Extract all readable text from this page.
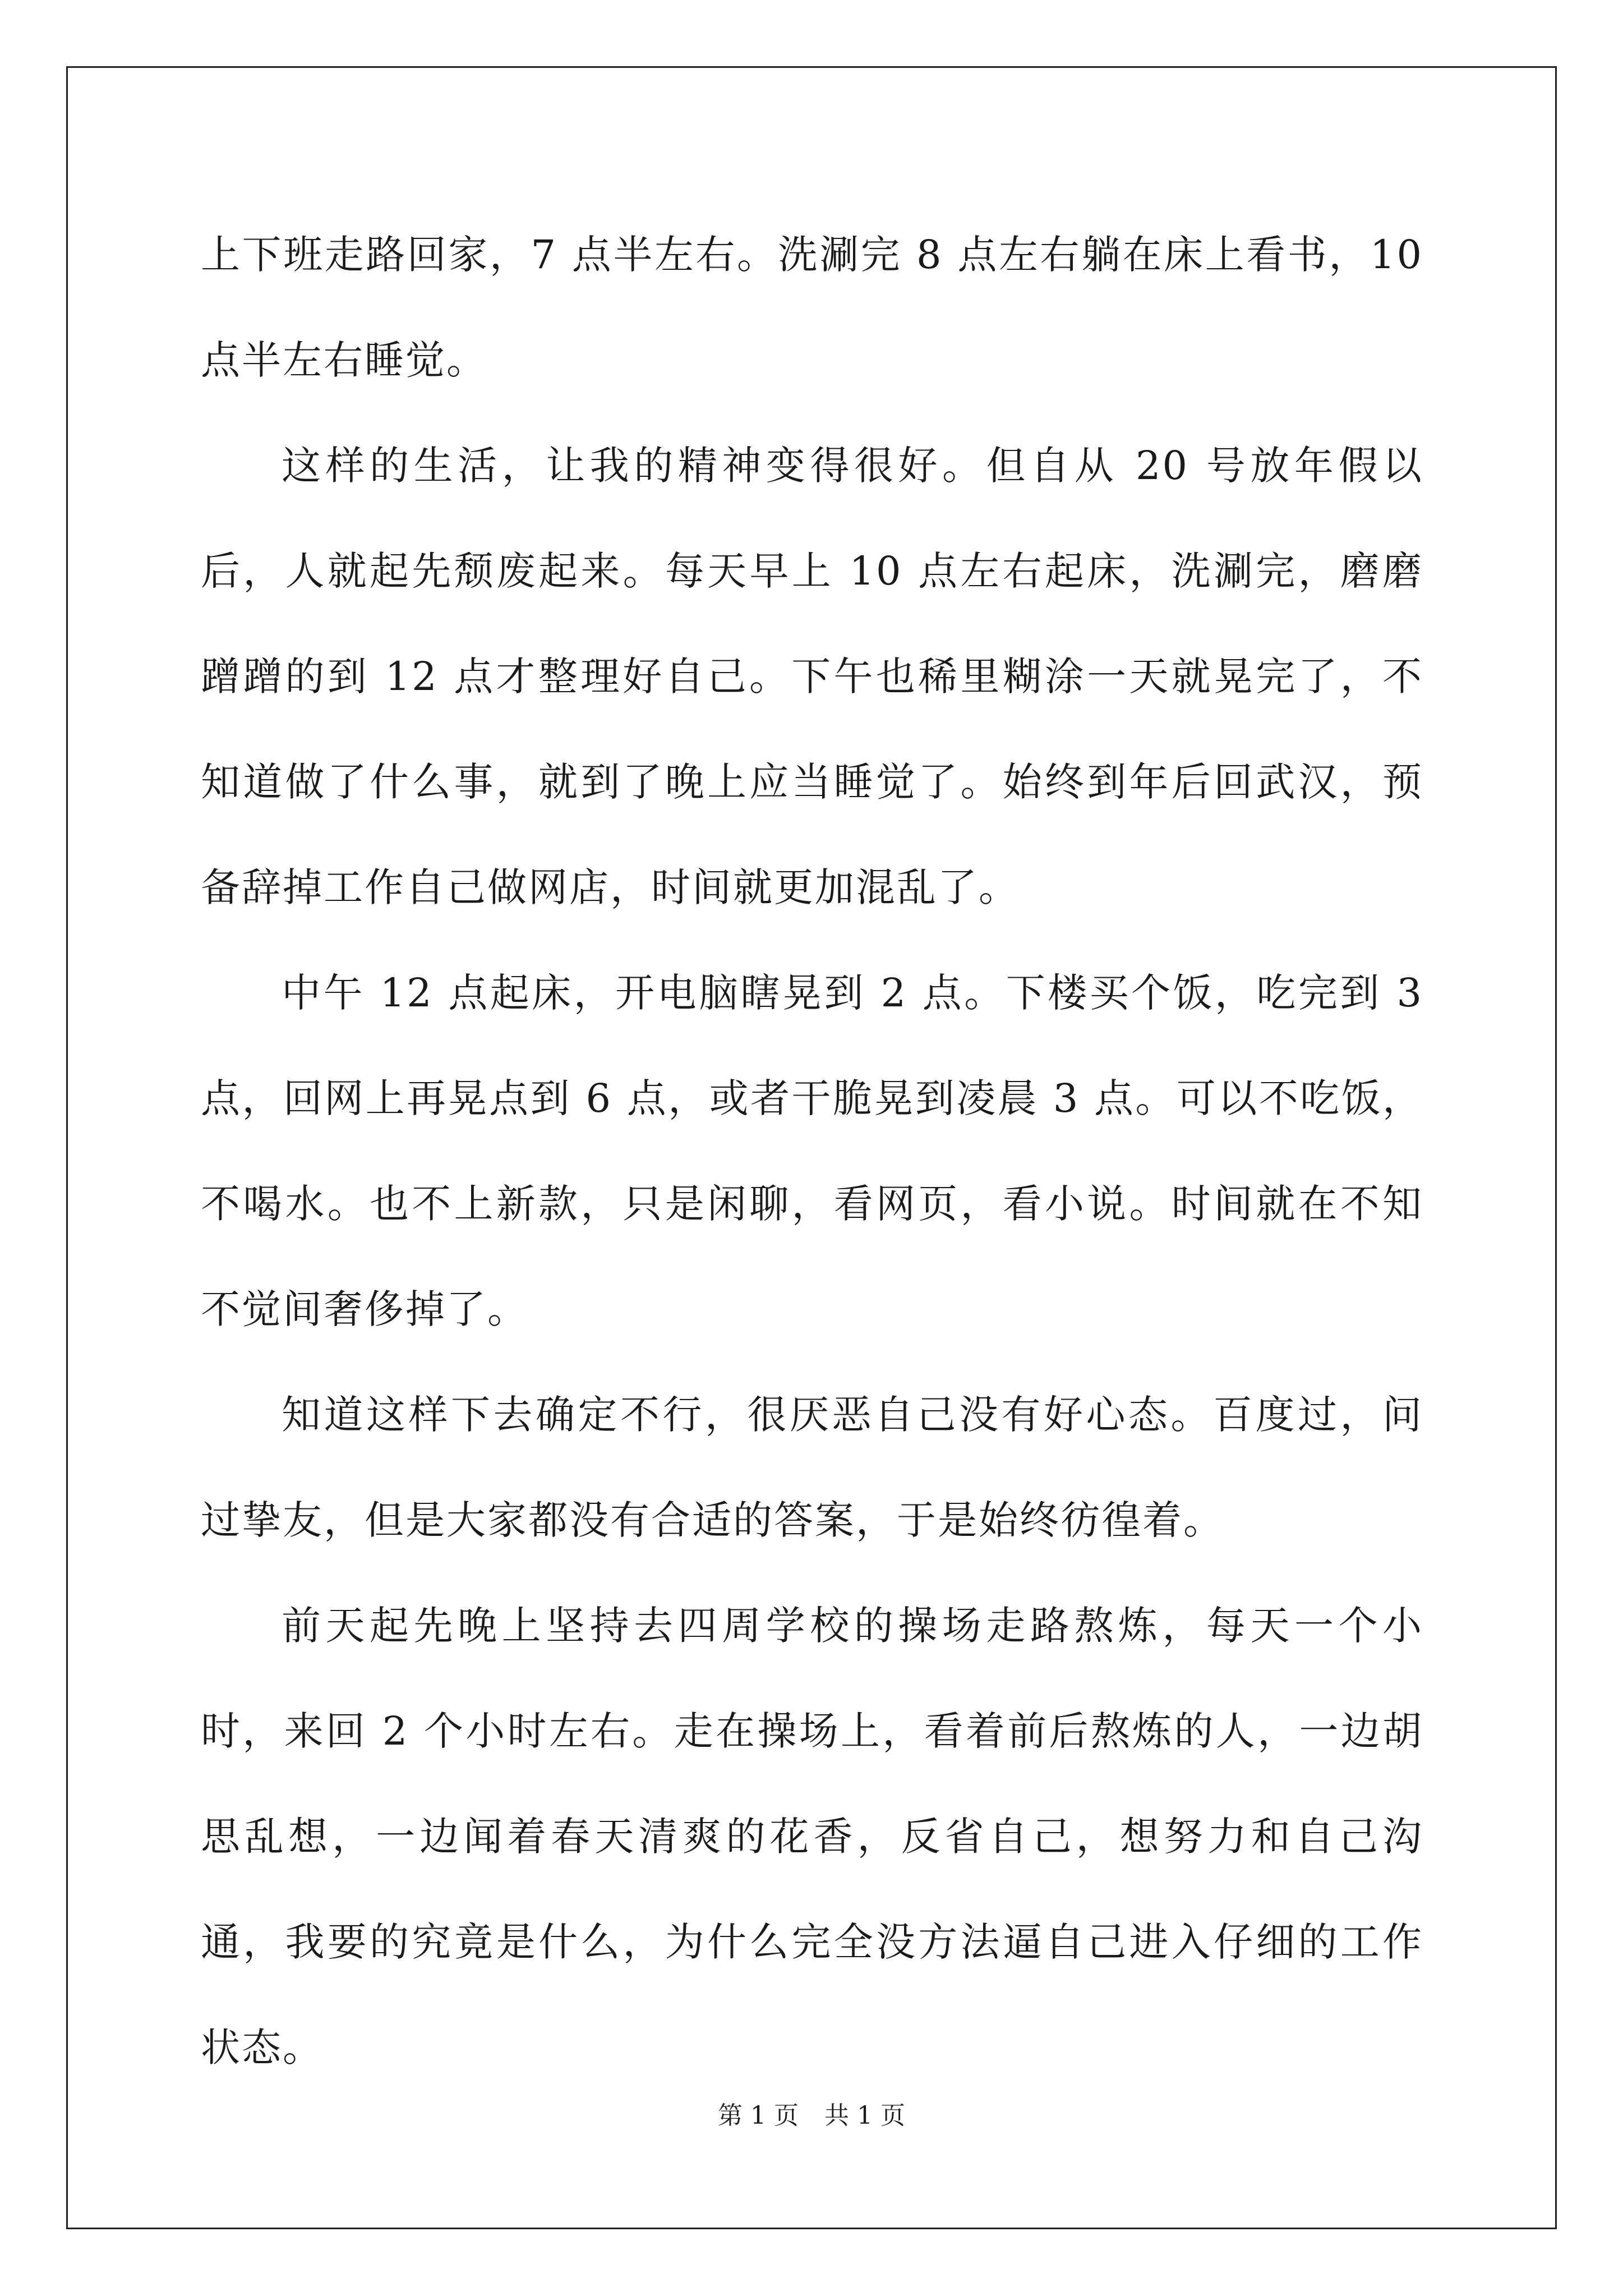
上下班走路回家，7 点半左右。洗涮完 8 点左右躺在床上看书，10 点半左右睡觉。

这样的生活，让我的精神变得很好。但自从 20 号放年假以后，人就起先颓废起来。每天早上 10 点左右起床，洗涮完，磨磨蹭蹭的到 12 点才整理好自己。下午也稀里糊涂一天就晃完了，不知道做了什么事，就到了晚上应当睡觉了。始终到年后回武汉，预备辞掉工作自己做网店，时间就更加混乱了。

中午 12 点起床，开电脑瞎晃到 2 点。下楼买个饭，吃完到 3 点，回网上再晃点到 6 点，或者干脆晃到凌晨 3 点。可以不吃饭，不喝水。也不上新款，只是闲聊，看网页，看小说。时间就在不知不觉间奢侈掉了。

知道这样下去确定不行，很厌恶自己没有好心态。百度过，问过挚友，但是大家都没有合适的答案，于是始终彷徨着。

前天起先晚上坚持去四周学校的操场走路熬炼，每天一个小时，来回 2 个小时左右。走在操场上，看着前后熬炼的人，一边胡思乱想，一边闻着春天清爽的花香，反省自己，想努力和自己沟通，我要的究竟是什么，为什么完全没方法逼自己进入仔细的工作状态。

第 1 页 共 1 页
